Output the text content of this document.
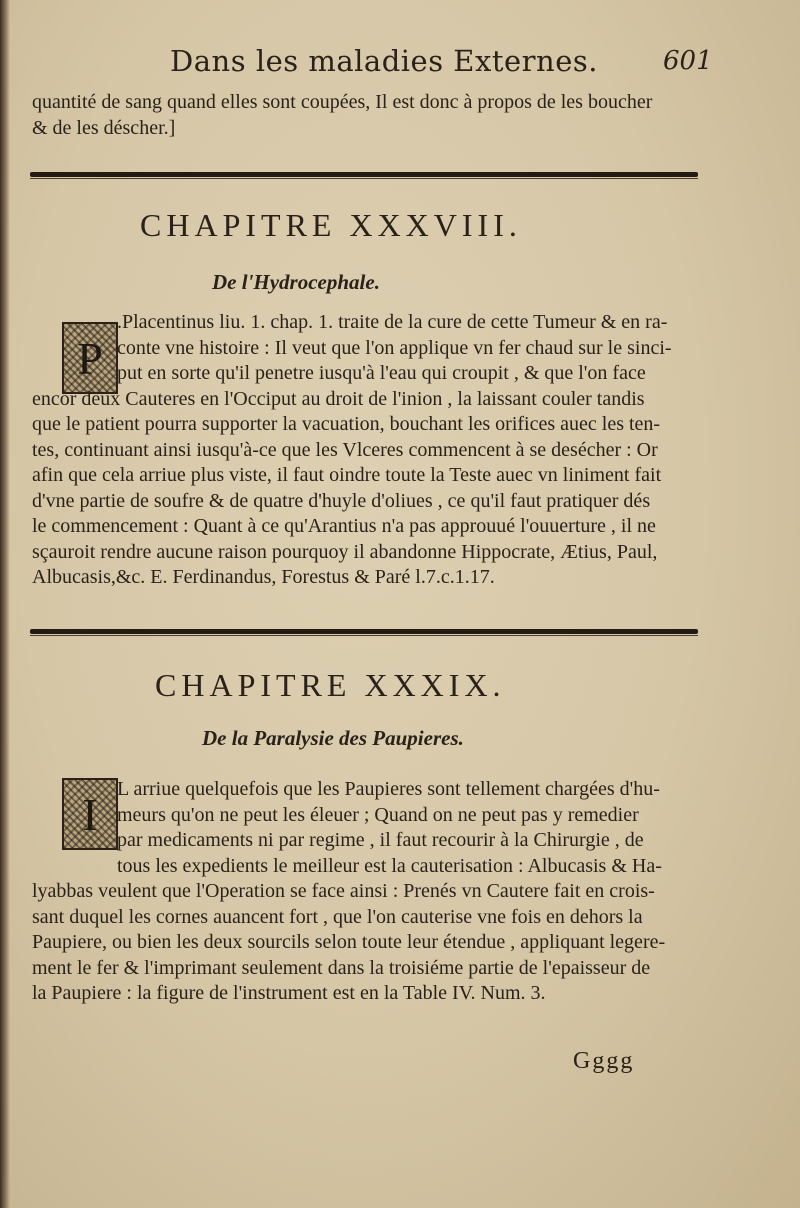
Dans les maladies Externes.	601
quantité de sang quand elles sont coupées, Il est donc à propos de les boucher
& de les déscher.]
CHAPITRE XXXVIII.
De l'Hydrocephale.
P
.Placentinus liu. 1. chap. 1. traite de la cure de cette Tumeur & en ra-
conte vne histoire : Il veut que l'on applique vn fer chaud sur le sinci-
put en sorte qu'il penetre iusqu'à l'eau qui croupit , & que l'on face
encor deux Cauteres en l'Occiput au droit de l'inion , la laissant couler tandis
que le patient pourra supporter la vacuation, bouchant les orifices auec les ten-
tes, continuant ainsi iusqu'à-ce que les Vlceres commencent à se desécher : Or
afin que cela arriue plus viste, il faut oindre toute la Teste auec vn liniment fait
d'vne partie de soufre & de quatre d'huyle d'oliues , ce qu'il faut pratiquer dés
le commencement : Quant à ce qu'Arantius n'a pas approuué l'ouuerture , il ne
sçauroit rendre aucune raison pourquoy il abandonne Hippocrate, Ætius, Paul,
Albucasis,&c. E. Ferdinandus, Forestus & Paré l.7.c.1.17.
CHAPITRE XXXIX.
De la Paralysie des Paupieres.
I L arriue quelquefois que les Paupieres sont tellement chargées d'hu-
meurs qu'on ne peut les éleuer ; Quand on ne peut pas y remedier
par medicaments ni par regime , il faut recourir à la Chirurgie , de
tous les expedients le meilleur est la cauterisation : Albucasis & Ha-
lyabbas veulent que l'Operation se face ainsi : Prenés vn Cautere fait en crois-
sant duquel les cornes auancent fort , que l'on cauterise vne fois en dehors la
Paupiere, ou bien les deux sourcils selon toute leur étendue , appliquant legere-
ment le fer & l'imprimant seulement dans la troisiéme partie de l'epaisseur de
la Paupiere : la figure de l'instrument est en la Table IV. Num. 3.
Gggg
